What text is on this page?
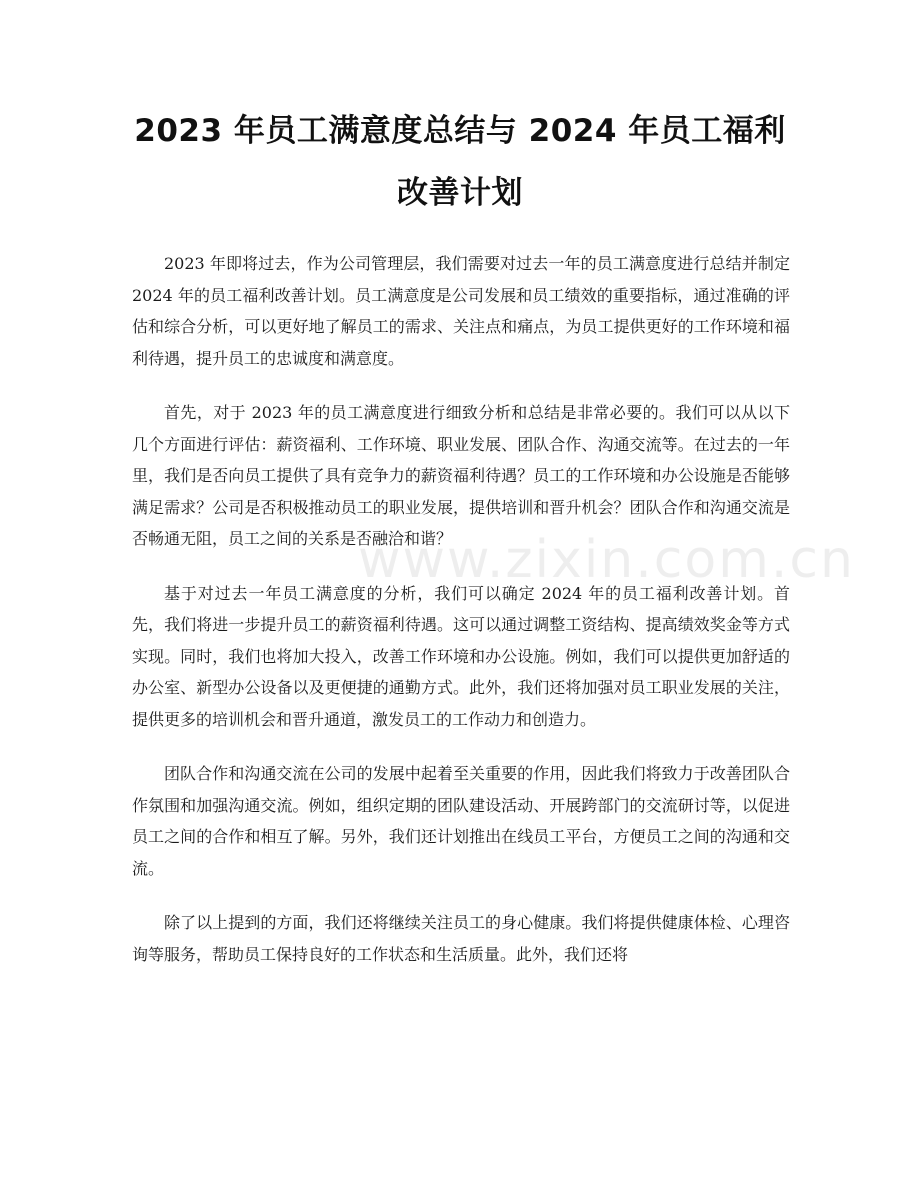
2023 年员工满意度总结与 2024 年员工福利
改善计划

2023 年即将过去，作为公司管理层，我们需要对过去一年的员工满意度进行总结并制定 2024 年的员工福利改善计划。员工满意度是公司发展和员工绩效的重要指标，通过准确的评估和综合分析，可以更好地了解员工的需求、关注点和痛点，为员工提供更好的工作环境和福利待遇，提升员工的忠诚度和满意度。

首先，对于 2023 年的员工满意度进行细致分析和总结是非常必要的。我们可以从以下几个方面进行评估：薪资福利、工作环境、职业发展、团队合作、沟通交流等。在过去的一年里，我们是否向员工提供了具有竞争力的薪资福利待遇？员工的工作环境和办公设施是否能够满足需求？公司是否积极推动员工的职业发展，提供培训和晋升机会？团队合作和沟通交流是否畅通无阻，员工之间的关系是否融洽和谐？

基于对过去一年员工满意度的分析，我们可以确定 2024 年的员工福利改善计划。首先，我们将进一步提升员工的薪资福利待遇。这可以通过调整工资结构、提高绩效奖金等方式实现。同时，我们也将加大投入，改善工作环境和办公设施。例如，我们可以提供更加舒适的办公室、新型办公设备以及更便捷的通勤方式。此外，我们还将加强对员工职业发展的关注，提供更多的培训机会和晋升通道，激发员工的工作动力和创造力。

团队合作和沟通交流在公司的发展中起着至关重要的作用，因此我们将致力于改善团队合作氛围和加强沟通交流。例如，组织定期的团队建设活动、开展跨部门的交流研讨等，以促进员工之间的合作和相互了解。另外，我们还计划推出在线员工平台，方便员工之间的沟通和交流。

除了以上提到的方面，我们还将继续关注员工的身心健康。我们将提供健康体检、心理咨询等服务，帮助员工保持良好的工作状态和生活质量。此外，我们还将

www.zixin.com.cn
